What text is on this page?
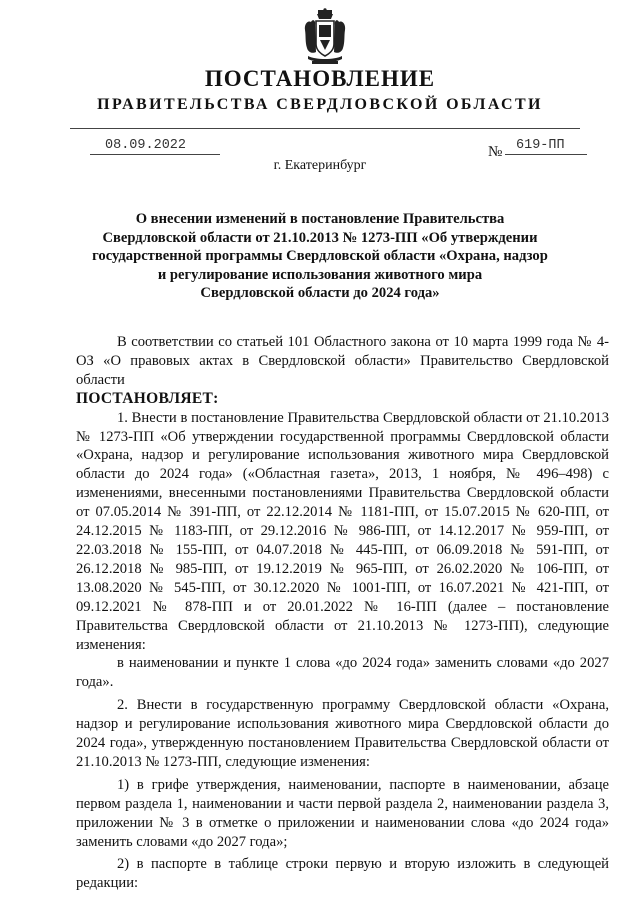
ПОСТАНОВЛЕНИЕ
ПРАВИТЕЛЬСТВА СВЕРДЛОВСКОЙ ОБЛАСТИ
08.09.2022	№ 619-ПП
г. Екатеринбург
О внесении изменений в постановление Правительства
Свердловской области от 21.10.2013 № 1273-ПП «Об утверждении
государственной программы Свердловской области «Охрана, надзор
и регулирование использования животного мира
Свердловской области до 2024 года»

В соответствии со статьей 101 Областного закона от 10 марта 1999 года № 4-ОЗ «О правовых актах в Свердловской области» Правительство Свердловской области

ПОСТАНОВЛЯЕТ:

1. Внести в постановление Правительства Свердловской области от 21.10.2013 № 1273-ПП «Об утверждении государственной программы Свердловской области «Охрана, надзор и регулирование использования животного мира Свердловской области до 2024 года» («Областная газета», 2013, 1 ноября, № 496–498) с изменениями, внесенными постановлениями Правительства Свердловской области от 07.05.2014 № 391-ПП, от 22.12.2014 № 1181-ПП, от 15.07.2015 № 620-ПП, от 24.12.2015 № 1183-ПП, от 29.12.2016 № 986-ПП, от 14.12.2017 № 959-ПП, от 22.03.2018 № 155-ПП, от 04.07.2018 № 445-ПП, от 06.09.2018 № 591-ПП, от 26.12.2018 № 985-ПП, от 19.12.2019 № 965-ПП, от 26.02.2020 № 106-ПП, от 13.08.2020 № 545-ПП, от 30.12.2020 № 1001-ПП, от 16.07.2021 № 421-ПП, от 09.12.2021 № 878-ПП и от 20.01.2022 № 16-ПП (далее – постановление Правительства Свердловской области от 21.10.2013 № 1273-ПП), следующие изменения:

в наименовании и пункте 1 слова «до 2024 года» заменить словами «до 2027 года».

2. Внести в государственную программу Свердловской области «Охрана, надзор и регулирование использования животного мира Свердловской области до 2024 года», утвержденную постановлением Правительства Свердловской области от 21.10.2013 № 1273-ПП, следующие изменения:

1) в грифе утверждения, наименовании, паспорте в наименовании, абзаце первом раздела 1, наименовании и части первой раздела 2, наименовании раздела 3, приложении № 3 в отметке о приложении и наименовании слова «до 2024 года» заменить словами «до 2027 года»;

2) в паспорте в таблице строки первую и вторую изложить в следующей редакции:
